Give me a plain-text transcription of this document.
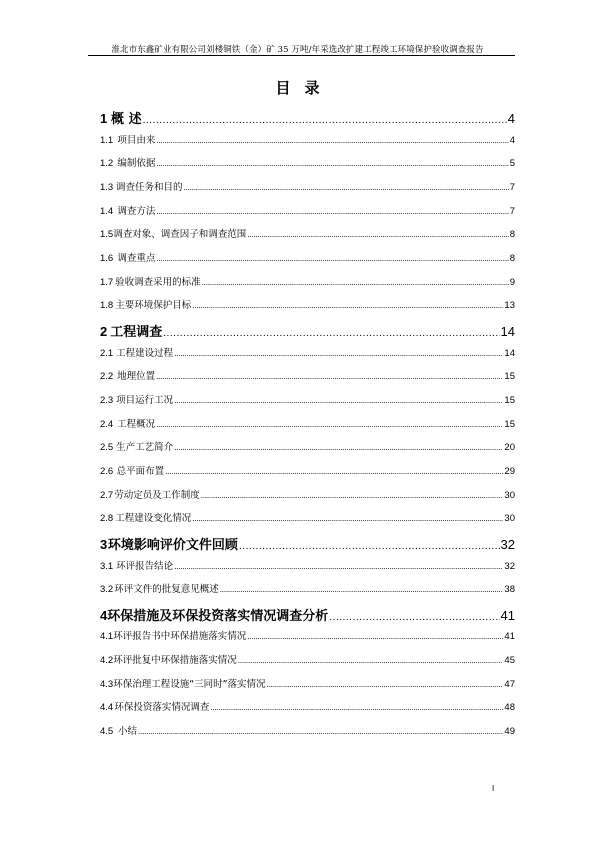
淮北市东鑫矿业有限公司刘楼铜铁（金）矿 35 万吨/年采选改扩建工程竣工环境保护验收调查报告
目录
1 概 述 . . .	4
1.1 项目由来 . . .	4
1.2 编制依据 . . .	5
1.3 调查任务和目的 . . .	7
1.4 调查方法 . . .	7
1.5 调查对象、调查因子和调查范围 . . .	8
1.6 调查重点 . . .	8
1.7 验收调查采用的标准 . . .	9
1.8 主要环境保护目标 . . .	13
2 工程调查 . . .	14
2.1 工程建设过程 . . .	14
2.2 地理位置 . . .	15
2.3 项目运行工况 . . .	15
2.4 工程概况 . . .	15
2.5 生产工艺简介 . . .	20
2.6 总平面布置 . . .	29
2.7 劳动定员及工作制度 . . .	30
2.8 工程建设变化情况 . . .	30
3 环境影响评价文件回顾 . . .	32
3.1 环评报告结论 . . .	32
3.2 环评文件的批复意见概述 . . .	38
4 环保措施及环保投资落实情况调查分析 . . .	41
4.1 环评报告书中环保措施落实情况 . . .	41
4.2 环评批复中环保措施落实情况 . . .	45
4.3 环保治理工程设施“三同时”落实情况 . . .	47
4.4 环保投资落实情况调查 . . .	48
4.5 小结 . . .	49
I
